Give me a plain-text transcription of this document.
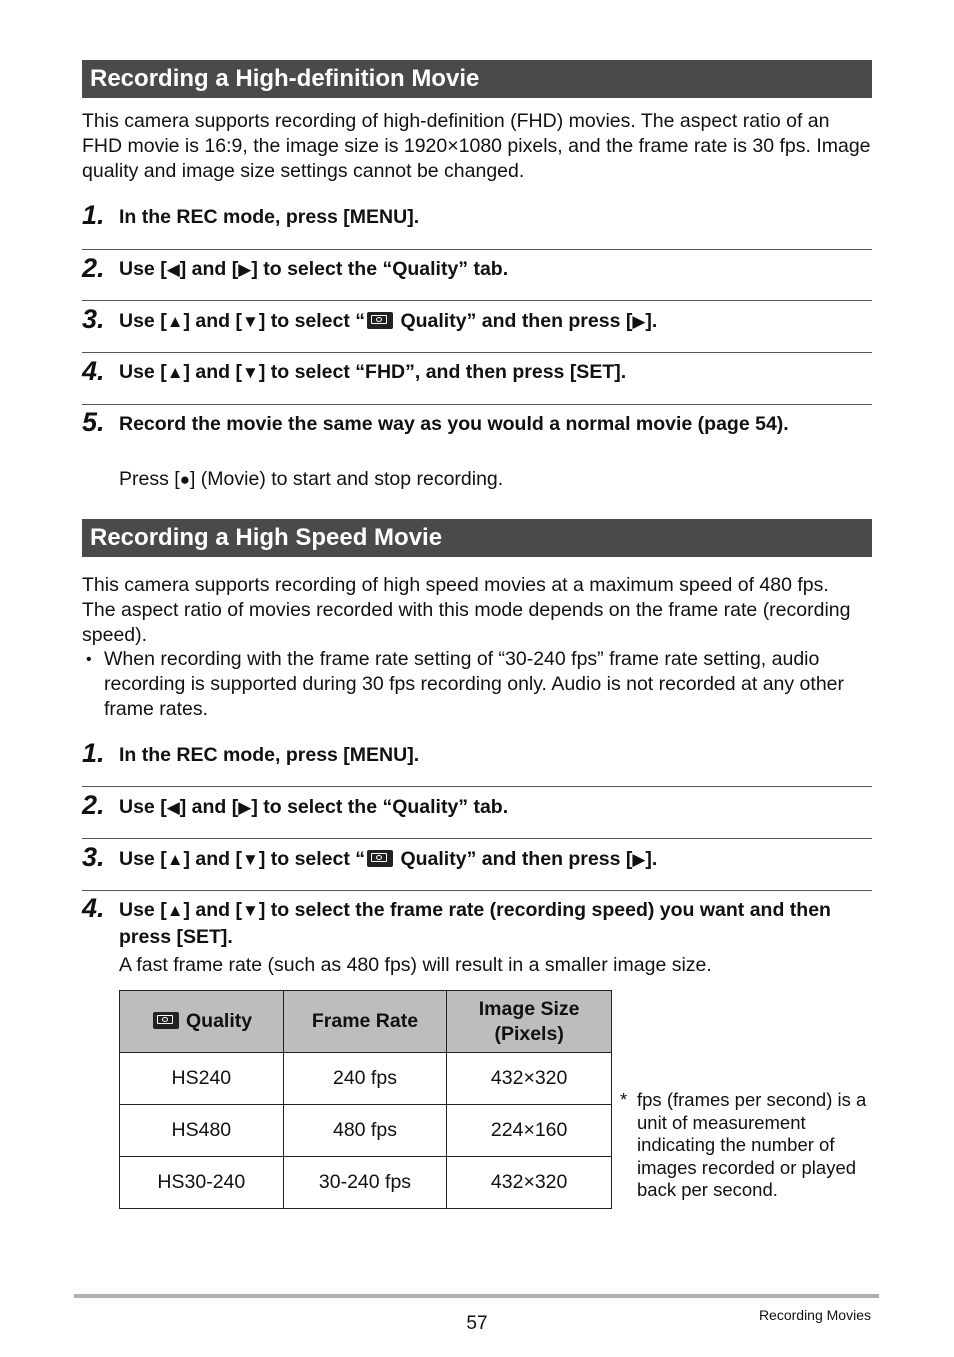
Recording a High-definition Movie
This camera supports recording of high-definition (FHD) movies. The aspect ratio of an FHD movie is 16:9, the image size is 1920×1080 pixels, and the frame rate is 30 fps. Image quality and image size settings cannot be changed.
1. In the REC mode, press [MENU].
2. Use [◀] and [▶] to select the “Quality” tab.
3. Use [▲] and [▼] to select “ Quality” and then press [▶].
4. Use [▲] and [▼] to select “FHD”, and then press [SET].
5. Record the movie the same way as you would a normal movie (page 54).
Press [●] (Movie) to start and stop recording.
Recording a High Speed Movie
This camera supports recording of high speed movies at a maximum speed of 480 fps. The aspect ratio of movies recorded with this mode depends on the frame rate (recording speed).
• When recording with the frame rate setting of “30-240 fps” frame rate setting, audio recording is supported during 30 fps recording only. Audio is not recorded at any other frame rates.
1. In the REC mode, press [MENU].
2. Use [◀] and [▶] to select the “Quality” tab.
3. Use [▲] and [▼] to select “ Quality” and then press [▶].
4. Use [▲] and [▼] to select the frame rate (recording speed) you want and then press [SET].
A fast frame rate (such as 480 fps) will result in a smaller image size.
Quality	Frame Rate	Image Size
(Pixels)
HS240	240 fps	432×320
HS480	480 fps	224×160
HS30-240	30-240 fps	432×320
* fps (frames per second) is a unit of measurement indicating the number of images recorded or played back per second.
57	Recording Movies
